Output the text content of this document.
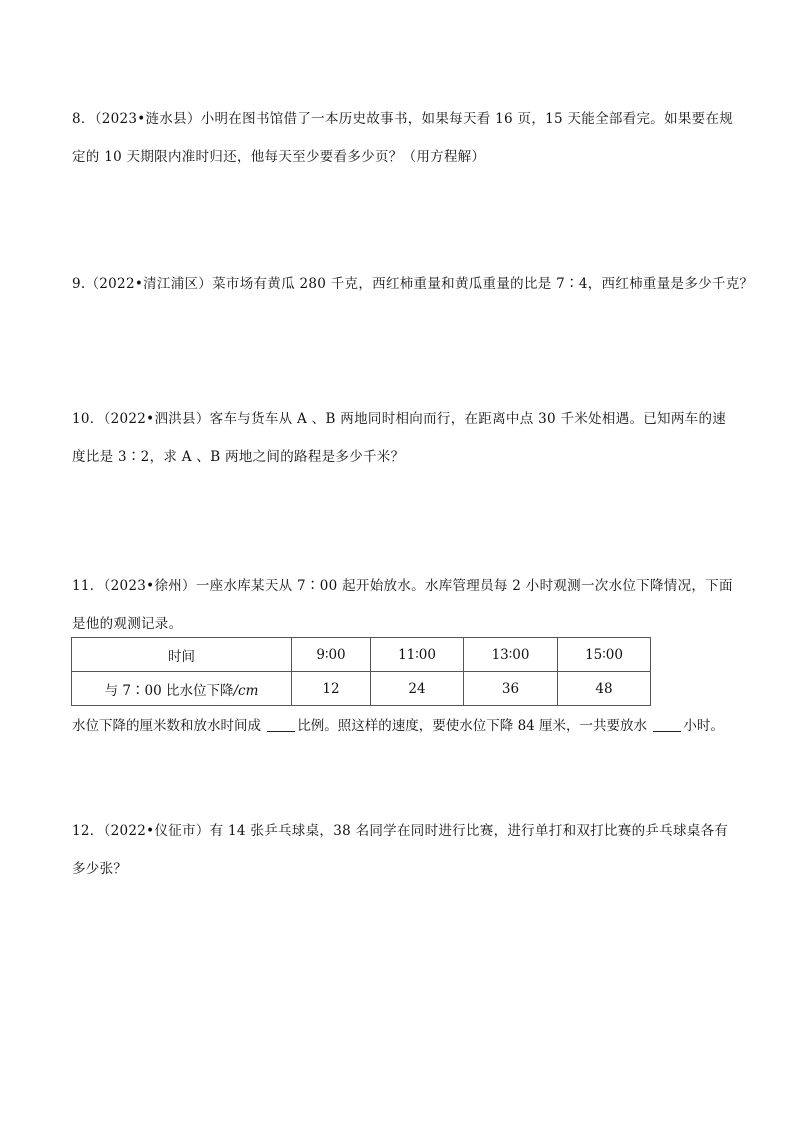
8．（2023•涟水县）小明在图书馆借了一本历史故事书，如果每天看 16 页，15 天能全部看完。如果要在规
定的 10 天期限内准时归还，他每天至少要看多少页？（用方程解）
9.（2022•清江浦区）菜市场有黄瓜 280 千克，西红柿重量和黄瓜重量的比是 7∶4，西红柿重量是多少千克？
10．（2022•泗洪县）客车与货车从 A 、B 两地同时相向而行，在距离中点 30 千米处相遇。已知两车的速
度比是 3∶2，求 A 、B 两地之间的路程是多少千米？
11．（2023•徐州）一座水库某天从 7∶00 起开始放水。水库管理员每 2 小时观测一次水位下降情况，下面
是他的观测记录。
时间	9∶00	11∶00	13∶00	15∶00
与 7∶00 比水位下降/cm	12	24	36	48
水位下降的厘米数和放水时间成	比例。照这样的速度，要使水位下降 84 厘米，一共要放水	小时。
12．（2022•仪征市）有 14 张乒乓球桌，38 名同学在同时进行比赛，进行单打和双打比赛的乒乓球桌各有
多少张？
